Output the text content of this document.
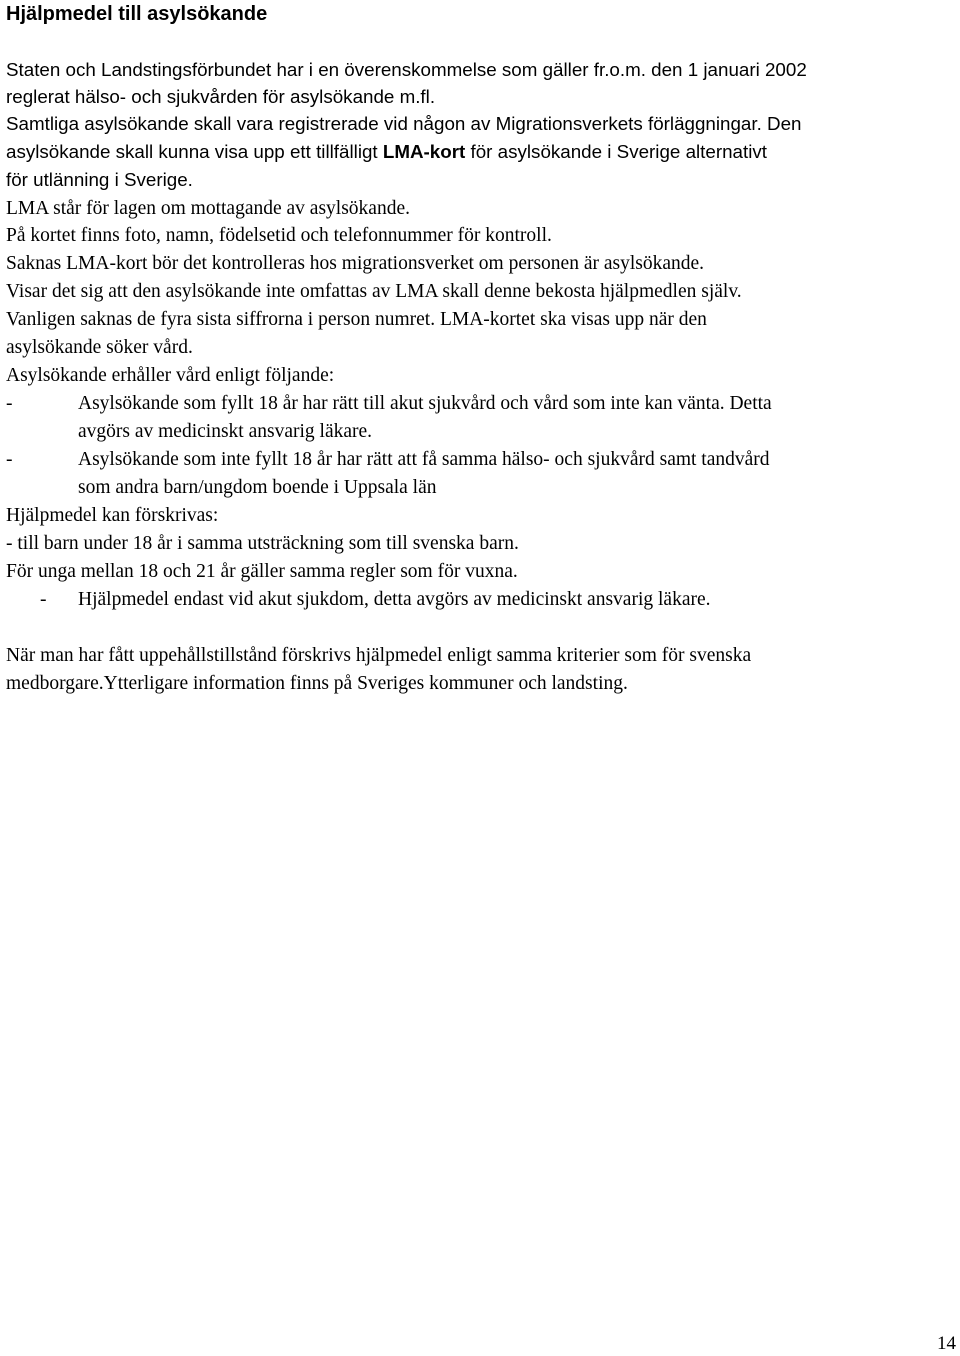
Hjälpmedel till asylsökande

Staten och Landstingsförbundet har i en överenskommelse som gäller fr.o.m. den 1 januari 2002

reglerat hälso- och sjukvården för asylsökande m.fl.

Samtliga asylsökande skall vara registrerade vid någon av Migrationsverkets förläggningar. Den

asylsökande skall kunna visa upp ett tillfälligt LMA-kort för asylsökande i Sverige alternativt

för utlänning i Sverige.

LMA står för lagen om mottagande av asylsökande.

På kortet finns foto, namn, födelsetid och telefonnummer för kontroll.

Saknas LMA-kort bör det kontrolleras hos migrationsverket om personen är asylsökande.

Visar det sig att den asylsökande inte omfattas av LMA skall denne bekosta hjälpmedlen själv.

Vanligen saknas de fyra sista siffrorna i person numret. LMA-kortet ska visas upp när den

asylsökande söker vård.

Asylsökande erhåller vård enligt följande:

-	Asylsökande som fyllt 18 år har rätt till akut sjukvård och vård som inte kan vänta. Detta

avgörs av medicinskt ansvarig läkare.

-	Asylsökande som inte fyllt 18 år har rätt att få samma hälso- och sjukvård samt tandvård

som andra barn/ungdom boende i Uppsala län

Hjälpmedel kan förskrivas:

- till barn under 18 år i samma utsträckning som till svenska barn.

För unga mellan 18 och 21 år gäller samma regler som för vuxna.

- Hjälpmedel endast vid akut sjukdom, detta avgörs av medicinskt ansvarig läkare.

När man har fått uppehållstillstånd förskrivs hjälpmedel enligt samma kriterier som för svenska

medborgare.Ytterligare information finns på Sveriges kommuner och landsting.

14
